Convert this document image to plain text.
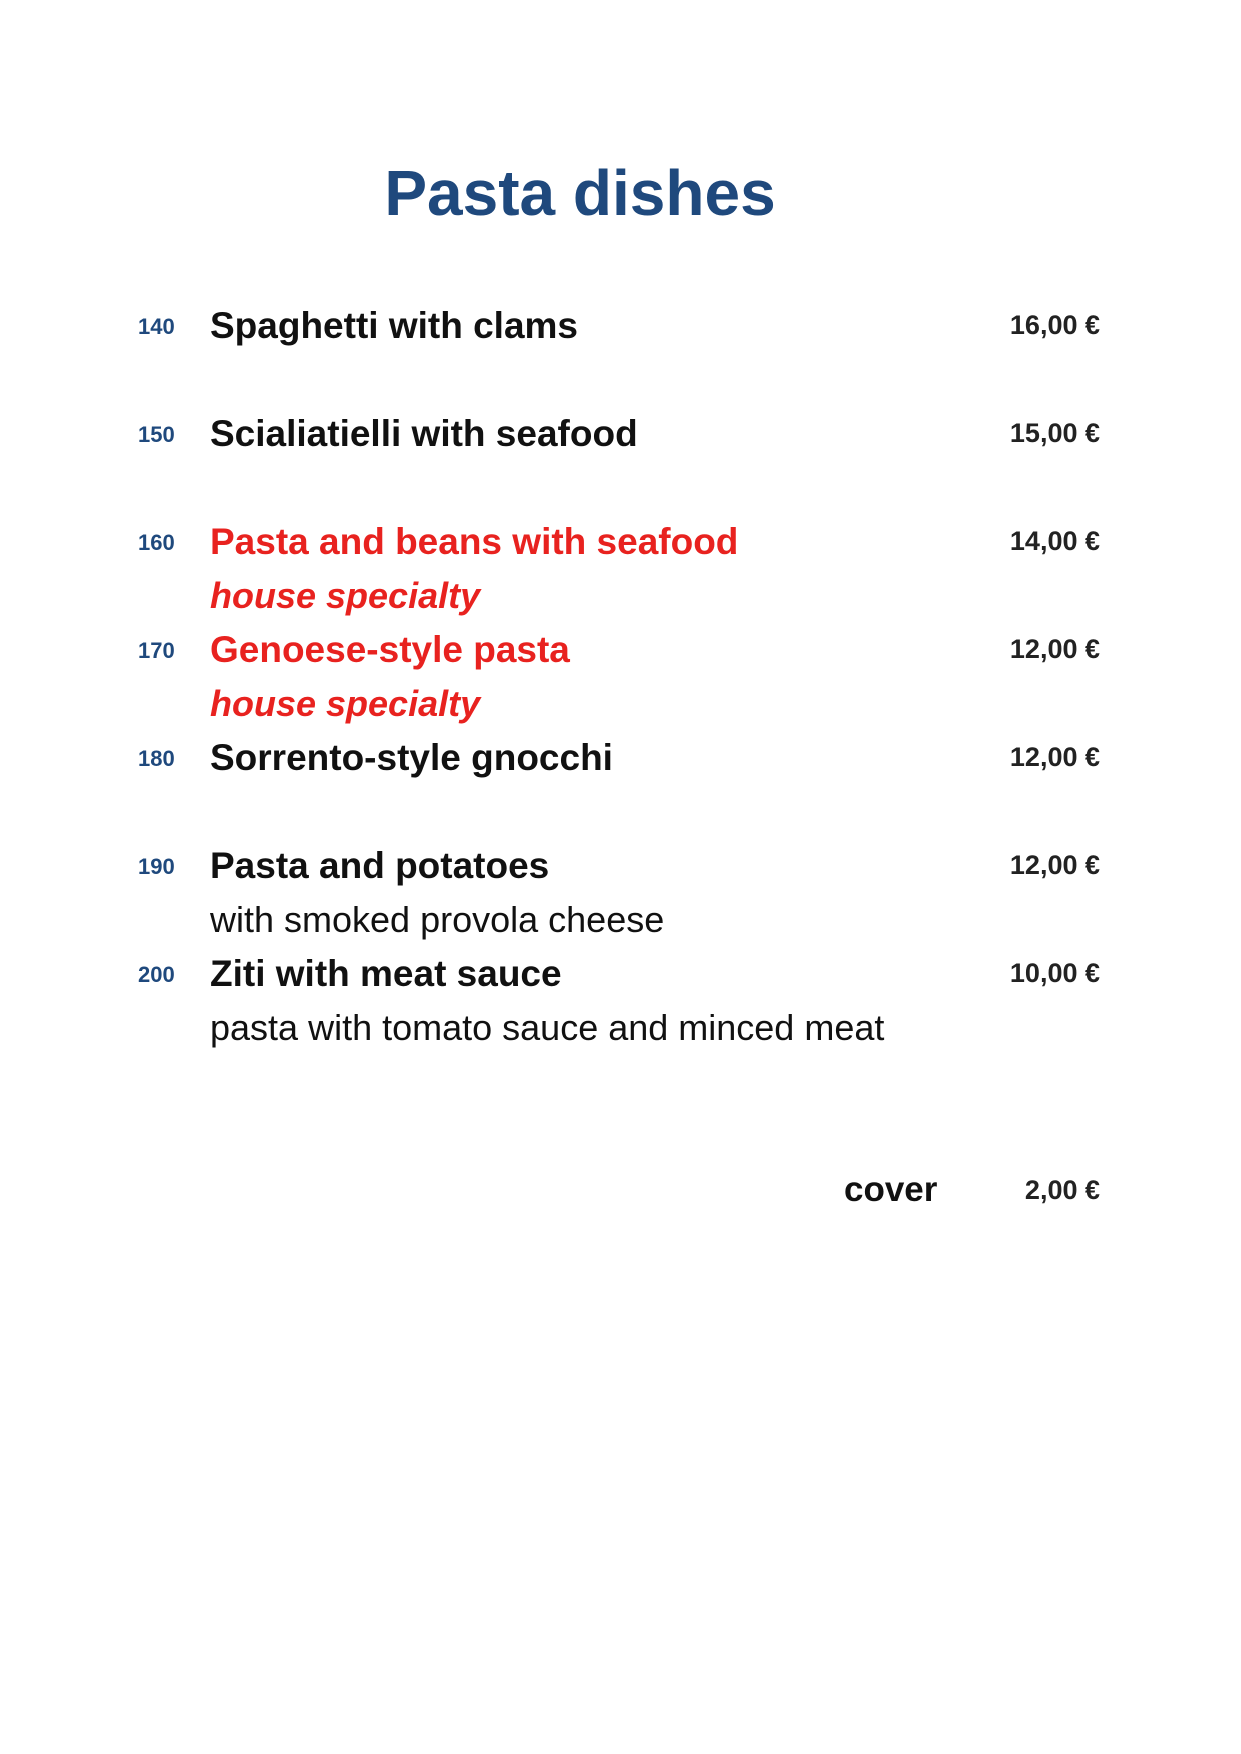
Pasta dishes
140 Spaghetti with clams	16,00 €
150 Scialiatielli with seafood	15,00 €
160 Pasta and beans with seafood	14,00 €
house specialty
170 Genoese-style pasta	12,00 €
house specialty
180 Sorrento-style gnocchi	12,00 €
190 Pasta and potatoes	12,00 €
with smoked provola cheese
200 Ziti with meat sauce	10,00 €
pasta with tomato sauce and minced meat
cover	2,00 €
